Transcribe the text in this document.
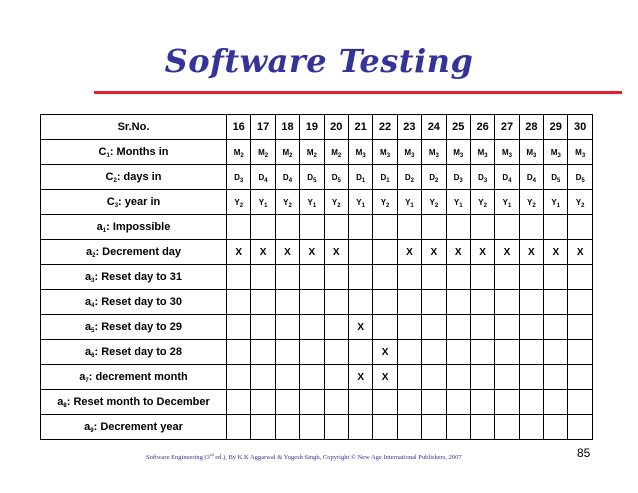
Software Testing
Sr.No.	16	17	18	19	20	21	22	23	24	25	26	27	28	29	30
$C_1$: Months in	$M_2$	$M_2$	$M_2$	$M_2$	$M_2$	$M_3$	$M_3$	$M_3$	$M_3$	$M_3$	$M_3$	$M_3$	$M_3$	$M_3$	$M_3$
$C_2$: days in	$D_3$	$D_4$	$D_4$	$D_5$	$D_5$	$D_1$	$D_1$	$D_2$	$D_2$	$D_3$	$D_3$	$D_4$	$D_4$	$D_5$	$D_5$
$C_3$: year in	$Y_2$	$Y_1$	$Y_2$	$Y_1$	$Y_2$	$Y_1$	$Y_2$	$Y_1$	$Y_2$	$Y_1$	$Y_2$	$Y_1$	$Y_2$	$Y_1$	$Y_2$
$a_1$: Impossible															
$a_2$: Decrement day	X	X	X	X	X			X	X	X	X	X	X	X	X
$a_3$: Reset day to 31															
$a_4$: Reset day to 30															
$a_5$: Reset day to 29						X									
$a_6$: Reset day to 28							X								
$a_7$: decrement month						X	X								
$a_8$: Reset month to December															
$a_9$: Decrement year															
Software Engineering (3rd ed.), By K.K Aggarwal & Yogesh Singh, Copyright © New Age International Publishers, 2007	85
